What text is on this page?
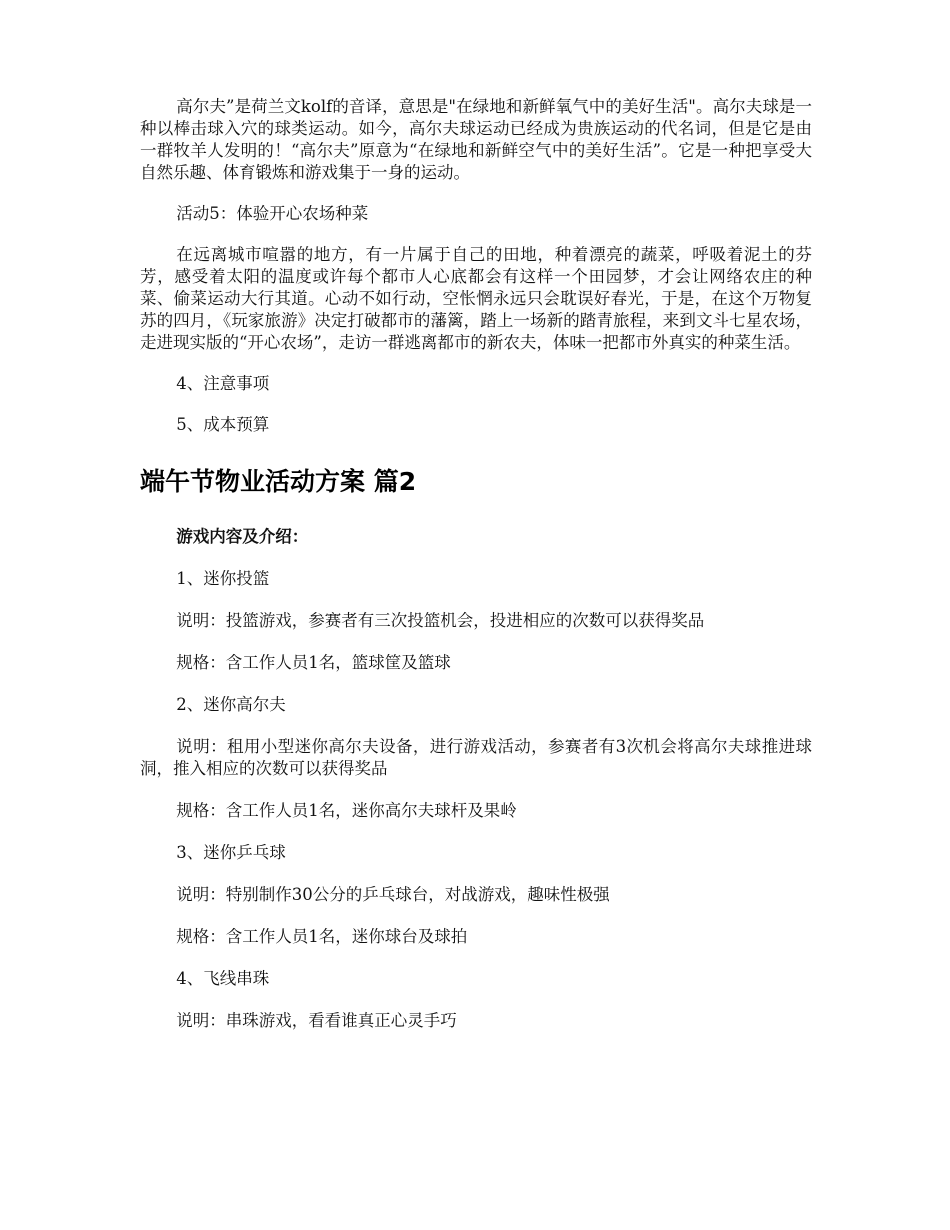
高尔夫”是荷兰文kolf的音译，意思是"在绿地和新鲜氧气中的美好生活"。高尔夫球是一种以棒击球入穴的球类运动。如今，高尔夫球运动已经成为贵族运动的代名词，但是它是由一群牧羊人发明的！“高尔夫”原意为“在绿地和新鲜空气中的美好生活”。它是一种把享受大自然乐趣、体育锻炼和游戏集于一身的运动。

活动5：体验开心农场种菜

在远离城市喧嚣的地方，有一片属于自己的田地，种着漂亮的蔬菜，呼吸着泥土的芬芳，感受着太阳的温度或许每个都市人心底都会有这样一个田园梦，才会让网络农庄的种菜、偷菜运动大行其道。心动不如行动，空怅惘永远只会耽误好春光，于是，在这个万物复苏的四月，《玩家旅游》决定打破都市的藩篱，踏上一场新的踏青旅程，来到文斗七星农场，走进现实版的“开心农场”，走访一群逃离都市的新农夫，体味一把都市外真实的种菜生活。

4、注意事项

5、成本预算

端午节物业活动方案 篇2

游戏内容及介绍：

1、迷你投篮

说明：投篮游戏，参赛者有三次投篮机会，投进相应的次数可以获得奖品

规格：含工作人员1名，篮球筐及篮球

2、迷你高尔夫

说明：租用小型迷你高尔夫设备，进行游戏活动，参赛者有3次机会将高尔夫球推进球洞，推入相应的次数可以获得奖品

规格：含工作人员1名，迷你高尔夫球杆及果岭

3、迷你乒乓球

说明：特别制作30公分的乒乓球台，对战游戏，趣味性极强

规格：含工作人员1名，迷你球台及球拍

4、飞线串珠

说明：串珠游戏，看看谁真正心灵手巧
